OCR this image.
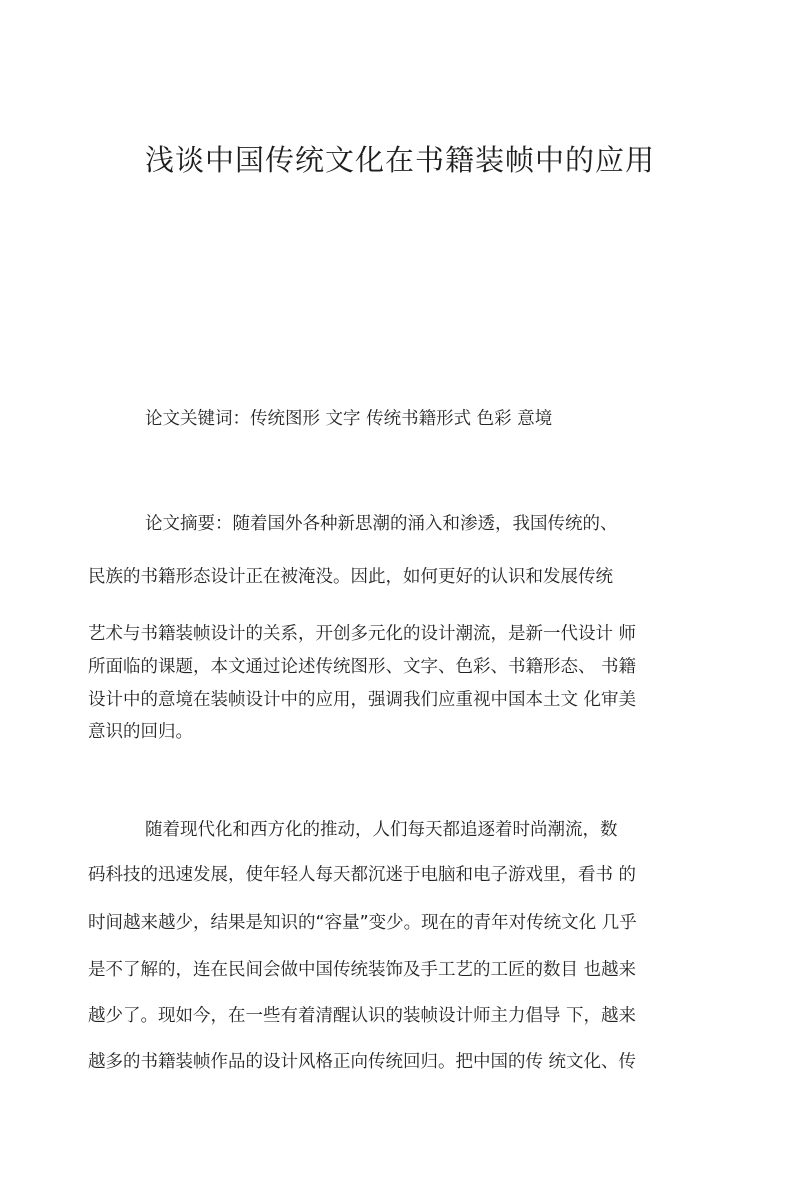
浅谈中国传统文化在书籍装帧中的应用
论文关键词：传统图形 文字 传统书籍形式 色彩 意境
论文摘要：随着国外各种新思潮的涌入和渗透，我国传统的、
民族的书籍形态设计正在被淹没。因此，如何更好的认识和发展传统
艺术与书籍装帧设计的关系，开创多元化的设计潮流，是新一代设计 师
所面临的课题，本文通过论述传统图形、文字、色彩、书籍形态、 书籍
设计中的意境在装帧设计中的应用，强调我们应重视中国本土文 化审美
意识的回归。
随着现代化和西方化的推动，人们每天都追逐着时尚潮流，数
码科技的迅速发展，使年轻人每天都沉迷于电脑和电子游戏里，看书 的
时间越来越少，结果是知识的“容量”变少。现在的青年对传统文化 几乎
是不了解的，连在民间会做中国传统装饰及手工艺的工匠的数目 也越来
越少了。现如今，在一些有着清醒认识的装帧设计师主力倡导 下，越来
越多的书籍装帧作品的设计风格正向传统回归。把中国的传 统文化、传
